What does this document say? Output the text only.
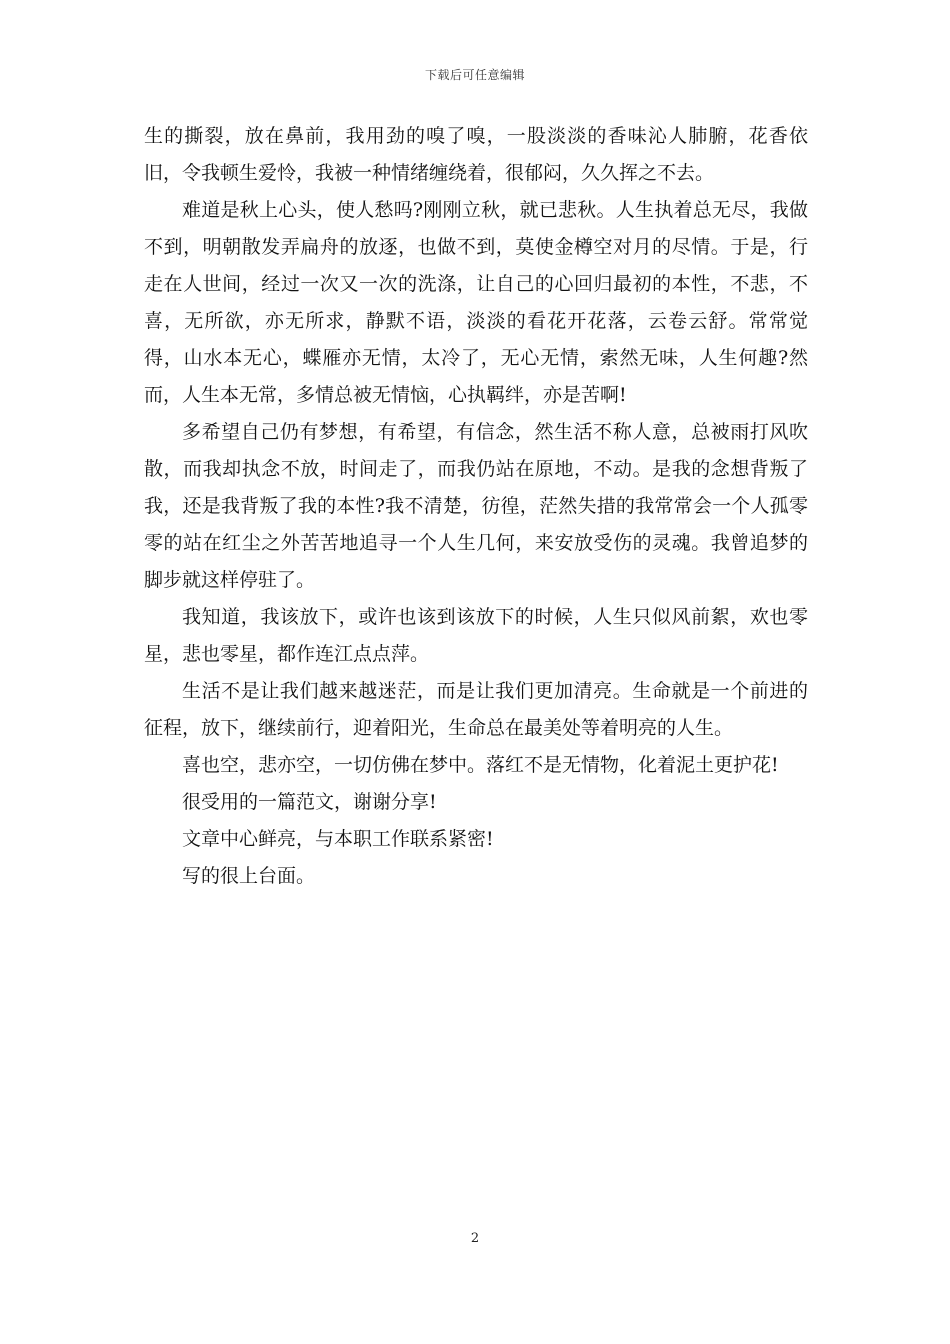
下载后可任意编辑

生的撕裂，放在鼻前，我用劲的嗅了嗅，一股淡淡的香味沁人肺腑，花香依旧，令我顿生爱怜，我被一种情绪缠绕着，很郁闷，久久挥之不去。

难道是秋上心头，使人愁吗?刚刚立秋，就已悲秋。人生执着总无尽，我做不到，明朝散发弄扁舟的放逐，也做不到，莫使金樽空对月的尽情。于是，行走在人世间，经过一次又一次的洗涤，让自己的心回归最初的本性，不悲，不喜，无所欲，亦无所求，静默不语，淡淡的看花开花落，云卷云舒。常常觉得，山水本无心，蝶雁亦无情，太冷了，无心无情，索然无味，人生何趣?然而，人生本无常，多情总被无情恼，心执羁绊，亦是苦啊!

多希望自己仍有梦想，有希望，有信念，然生活不称人意，总被雨打风吹散，而我却执念不放，时间走了，而我仍站在原地，不动。是我的念想背叛了我，还是我背叛了我的本性?我不清楚，彷徨，茫然失措的我常常会一个人孤零零的站在红尘之外苦苦地追寻一个人生几何，来安放受伤的灵魂。我曾追梦的脚步就这样停驻了。

我知道，我该放下，或许也该到该放下的时候，人生只似风前絮，欢也零星，悲也零星，都作连江点点萍。

生活不是让我们越来越迷茫，而是让我们更加清亮。生命就是一个前进的征程，放下，继续前行，迎着阳光，生命总在最美处等着明亮的人生。

喜也空，悲亦空，一切仿佛在梦中。落红不是无情物，化着泥土更护花!

很受用的一篇范文，谢谢分享!

文章中心鲜亮，与本职工作联系紧密!

写的很上台面。

2
